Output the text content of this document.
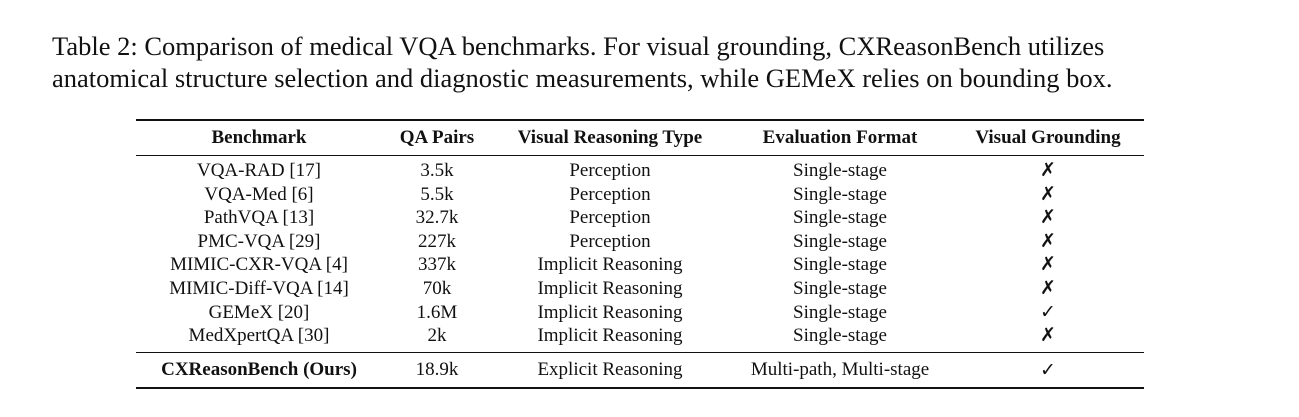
Table 2: Comparison of medical VQA benchmarks. For visual grounding, CXReasonBench utilizes
anatomical structure selection and diagnostic measurements, while GEMeX relies on bounding box.
Benchmark	QA Pairs	Visual Reasoning Type	Evaluation Format	Visual Grounding
VQA-RAD [17]	3.5k	Perception	Single-stage	✗
VQA-Med [6]	5.5k	Perception	Single-stage	✗
PathVQA [13]	32.7k	Perception	Single-stage	✗
PMC-VQA [29]	227k	Perception	Single-stage	✗
MIMIC-CXR-VQA [4]	337k	Implicit Reasoning	Single-stage	✗
MIMIC-Diff-VQA [14]	70k	Implicit Reasoning	Single-stage	✗
GEMeX [20]	1.6M	Implicit Reasoning	Single-stage	✓
MedXpertQA [30]	2k	Implicit Reasoning	Single-stage	✗
CXReasonBench (Ours)	18.9k	Explicit Reasoning	Multi-path, Multi-stage	✓
